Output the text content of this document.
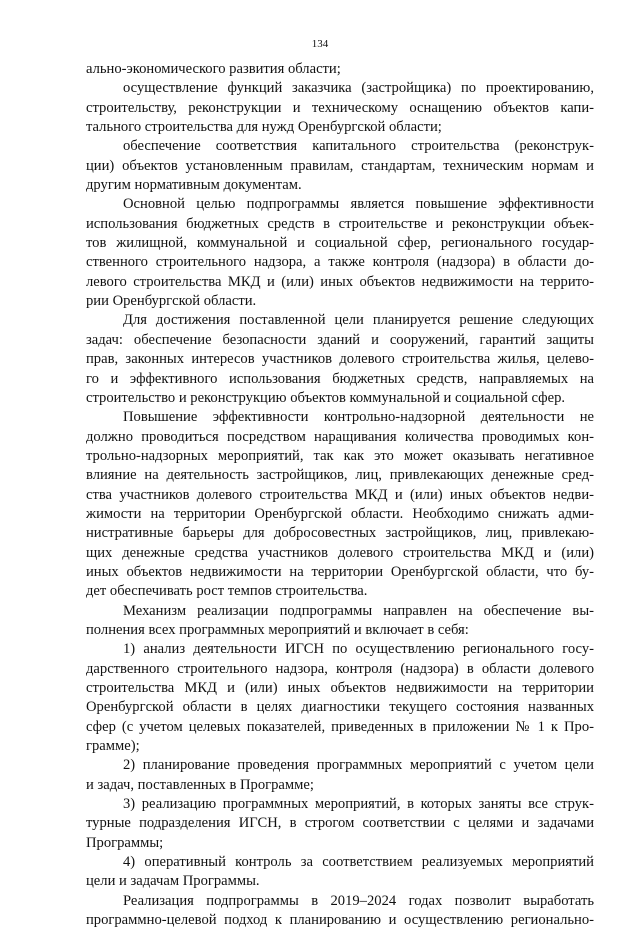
134
ально-экономического развития области;
осуществление функций заказчика (застройщика) по проектированию,
строительству, реконструкции и техническому оснащению объектов капи-
тального строительства для нужд Оренбургской области;
обеспечение соответствия капитального строительства (реконструк-
ции) объектов установленным правилам, стандартам, техническим нормам и
другим нормативным документам.
Основной целью подпрограммы является повышение эффективности
использования бюджетных средств в строительстве и реконструкции объек-
тов жилищной, коммунальной и социальной сфер, регионального государ-
ственного строительного надзора, а также контроля (надзора) в области до-
левого строительства МКД и (или) иных объектов недвижимости на террито-
рии Оренбургской области.
Для достижения поставленной цели планируется решение следующих
задач: обеспечение безопасности зданий и сооружений, гарантий защиты
прав, законных интересов участников долевого строительства жилья, целево-
го и эффективного использования бюджетных средств, направляемых на
строительство и реконструкцию объектов коммунальной и социальной сфер.
Повышение эффективности контрольно-надзорной деятельности не
должно проводиться посредством наращивания количества проводимых кон-
трольно-надзорных мероприятий, так как это может оказывать негативное
влияние на деятельность застройщиков, лиц, привлекающих денежные сред-
ства участников долевого строительства МКД и (или) иных объектов недви-
жимости на территории Оренбургской области. Необходимо снижать адми-
нистративные барьеры для добросовестных застройщиков, лиц, привлекаю-
щих денежные средства участников долевого строительства МКД и (или)
иных объектов недвижимости на территории Оренбургской области, что бу-
дет обеспечивать рост темпов строительства.
Механизм реализации подпрограммы направлен на обеспечение вы-
полнения всех программных мероприятий и включает в себя:
1) анализ деятельности ИГСН по осуществлению регионального госу-
дарственного строительного надзора, контроля (надзора) в области долевого
строительства МКД и (или) иных объектов недвижимости на территории
Оренбургской области в целях диагностики текущего состояния названных
сфер (с учетом целевых показателей, приведенных в приложении № 1 к Про-
грамме);
2) планирование проведения программных мероприятий с учетом цели
и задач, поставленных в Программе;
3) реализацию программных мероприятий, в которых заняты все струк-
турные подразделения ИГСН, в строгом соответствии с целями и задачами
Программы;
4) оперативный контроль за соответствием реализуемых мероприятий
цели и задачам Программы.
Реализация подпрограммы в 2019–2024 годах позволит выработать
программно-целевой подход к планированию и осуществлению регионально-
